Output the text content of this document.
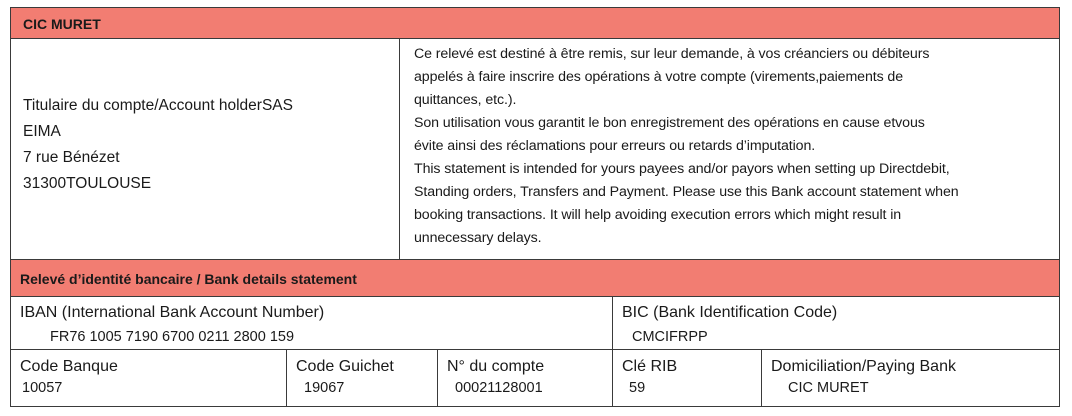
CIC MURET
Titulaire du compte/Account holderSAS
EIMA
7 rue Bénézet
31300TOULOUSE
Ce relevé est destiné à être remis, sur leur demande, à vos créanciers ou débiteurs
appelés à faire inscrire des opérations à votre compte (virements,paiements de
quittances, etc.).
Son utilisation vous garantit le bon enregistrement des opérations en cause etvous
évite ainsi des réclamations pour erreurs ou retards d’imputation.
This statement is intended for yours payees and/or payors when setting up Directdebit,
Standing orders, Transfers and Payment. Please use this Bank account statement when
booking transactions. It will help avoiding execution errors which might result in
unnecessary delays.
Relevé d’identité bancaire / Bank details statement
IBAN (International Bank Account Number)
FR76 1005 7190 6700 0211 2800 159
BIC (Bank Identification Code)
CMCIFRPP
Code Banque
10057
Code Guichet
19067
N° du compte
00021128001
Clé RIB
59
Domiciliation/Paying Bank
CIC MURET
